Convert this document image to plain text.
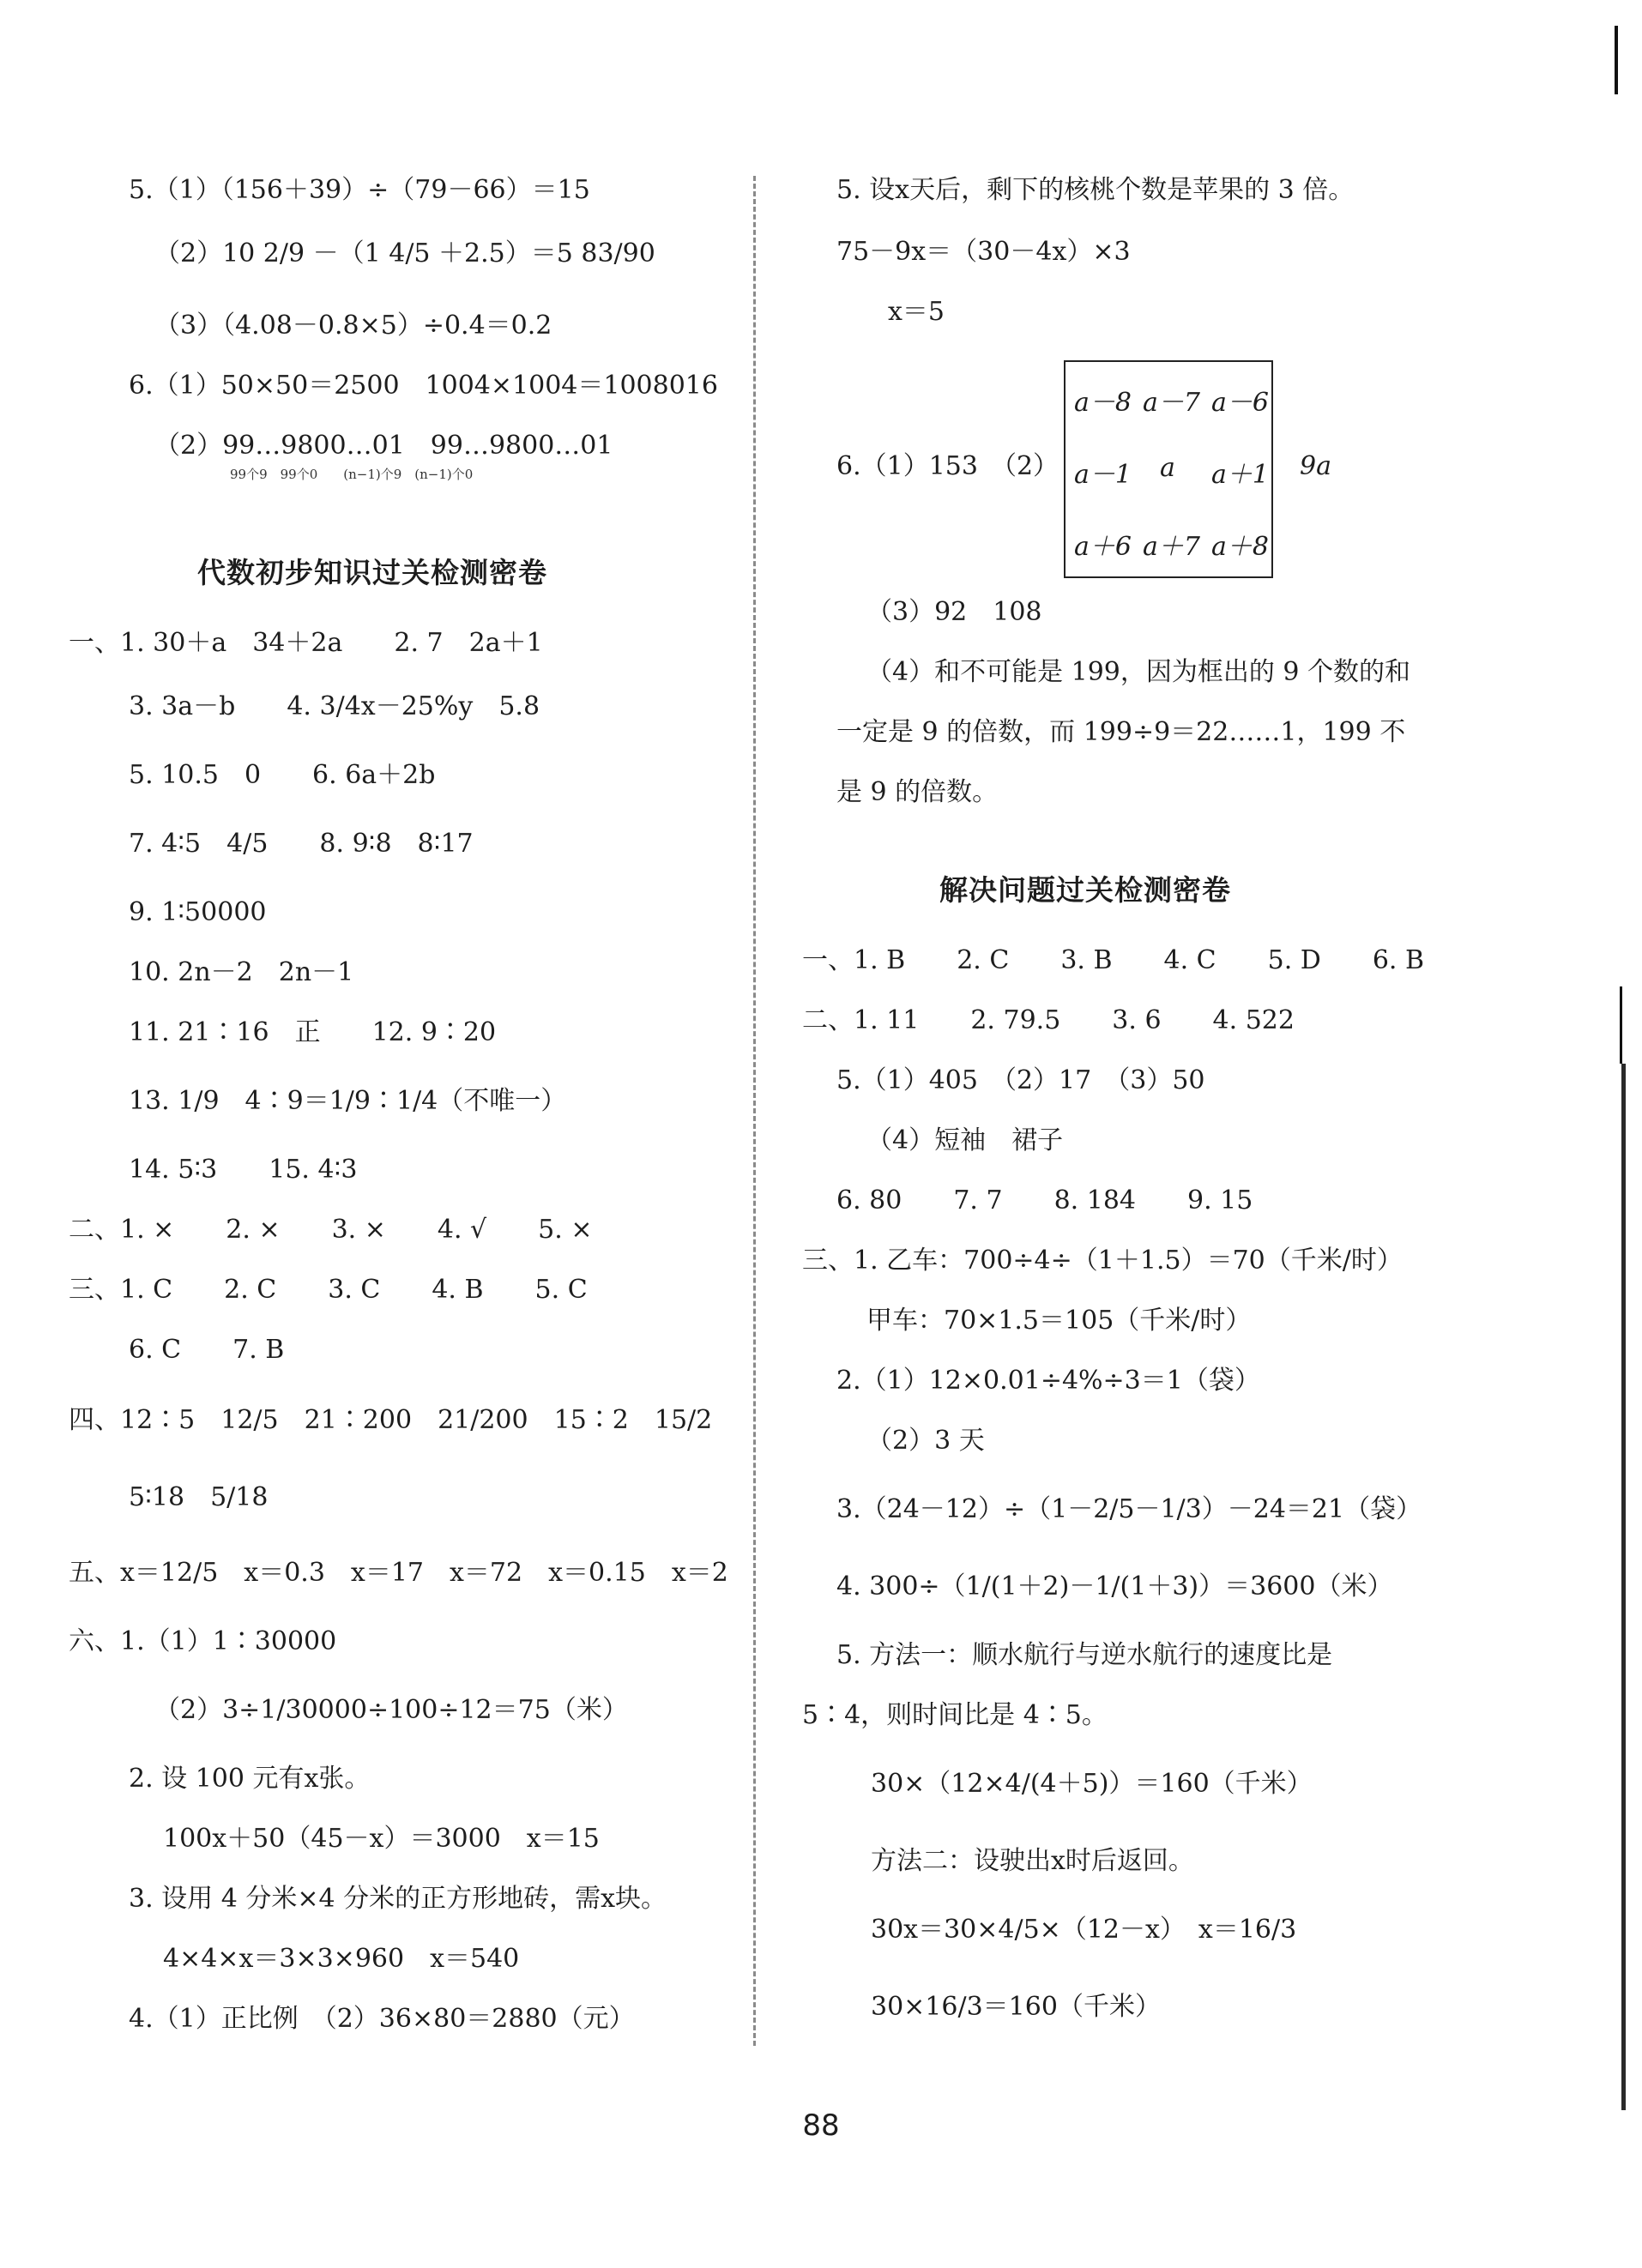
5.（1）（156＋39）÷（79－66）＝15
（2）10 2/9 －（1 4/5 ＋2.5）＝5 83/90
（3）（4.08－0.8×5）÷0.4＝0.2
6.（1）50×50＝2500　1004×1004＝1008016
（2）99…9800…01　99…9800…01
99个9　99个0　　(n−1)个9　(n−1)个0
代数初步知识过关检测密卷
一、1. 30＋a　34＋2a　　2. 7　2a＋1
3. 3a－b　　4. 3/4x－25%y　5.8
5. 10.5　0　　6. 6a＋2b
7. 4∶5　4/5　　8. 9∶8　8∶17
9. 1∶50000
10. 2n－2　2n－1
11. 21∶16　正　　12. 9∶20
13. 1/9　4∶9＝1/9∶1/4（不唯一）
14. 5∶3　　15. 4∶3
二、1. ×　　2. ×　　3. ×　　4. √　　5. ×
三、1. C　　2. C　　3. C　　4. B　　5. C
6. C　　7. B
四、12∶5　12/5　21∶200　21/200　15∶2　15/2
5∶18　5/18
五、x＝12/5　x＝0.3　x＝17　x＝72　x＝0.15　x＝2
六、1.（1）1∶30000
（2）3÷1/30000÷100÷12＝75（米）
2. 设 100 元有x张。
100x＋50（45－x）＝3000　x＝15
3. 设用 4 分米×4 分米的正方形地砖，需x块。
4×4×x＝3×3×960　x＝540
4.（1）正比例　（2）36×80＝2880（元）
5. 设x天后，剩下的核桃个数是苹果的 3 倍。
75－9x＝（30－4x）×3
x＝5
6.（1）153　（2）
a－8 a－7 a－6
a－1 a a＋1
a＋6 a＋7 a＋8
9a
（3）92　108
（4）和不可能是 199，因为框出的 9 个数的和
一定是 9 的倍数，而 199÷9＝22……1，199 不
是 9 的倍数。
解决问题过关检测密卷
一、1. B　　2. C　　3. B　　4. C　　5. D　　6. B
二、1. 11　　2. 79.5　　3. 6　　4. 522
5.（1）405　（2）17　（3）50
（4）短袖　裙子
6. 80　　7. 7　　8. 184　　9. 15
三、1. 乙车：700÷4÷（1＋1.5）＝70（千米/时）
甲车：70×1.5＝105（千米/时）
2.（1）12×0.01÷4%÷3＝1（袋）
（2）3 天
3.（24－12）÷（1－2/5－1/3）－24＝21（袋）
4. 300÷（1/(1＋2)－1/(1＋3)）＝3600（米）
5. 方法一：顺水航行与逆水航行的速度比是
5∶4，则时间比是 4∶5。
30×（12×4/(4＋5)）＝160（千米）
方法二：设驶出x时后返回。
30x＝30×4/5×（12－x）　x＝16/3
30×16/3＝160（千米）
88
